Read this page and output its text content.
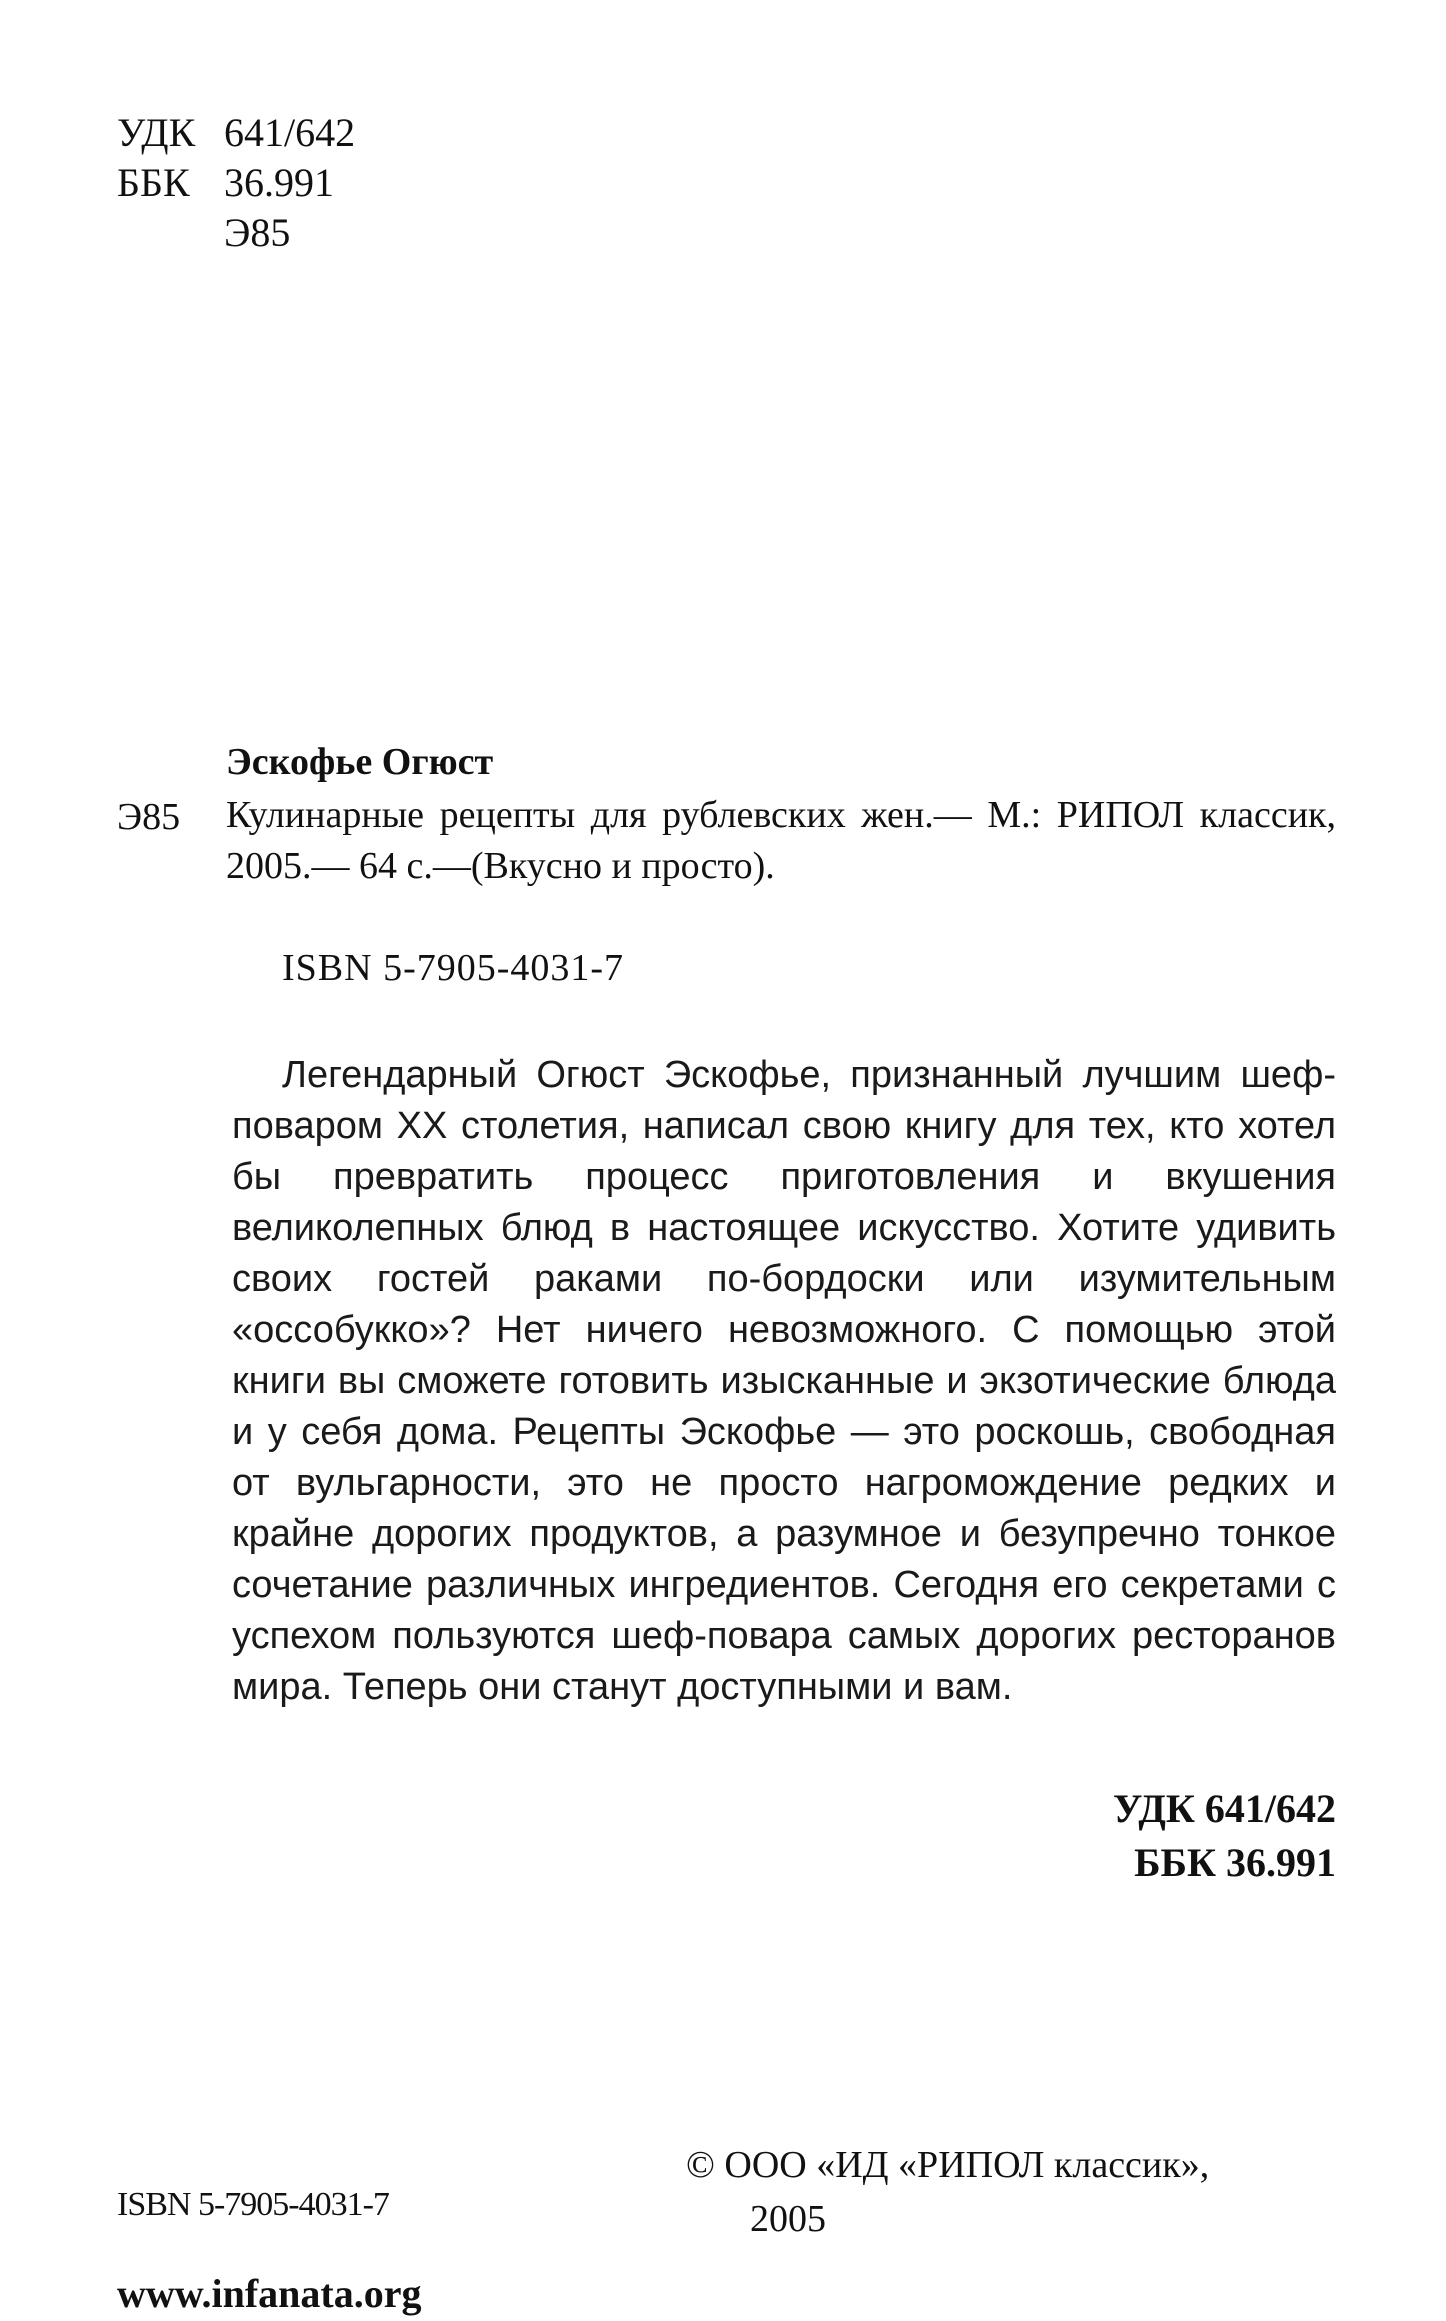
УДК 641/642
ББК 36.991
Э85
Эскофье Огюст
Э85 Кулинарные рецепты для рублевских жен.— М.: РИПОЛ классик, 2005.— 64 с.—(Вкусно и просто).
ISBN 5-7905-4031-7
Легендарный Огюст Эскофье, признанный лучшим шеф-поваром XX столетия, написал свою книгу для тех, кто хотел бы превратить процесс приготовления и вкушения великолепных блюд в настоящее искусство. Хотите удивить своих гостей раками по-бордоски или изумительным «оссобукко»? Нет ничего невозможного. С помощью этой книги вы сможете готовить изысканные и экзотические блюда и у себя дома. Рецепты Эскофье — это роскошь, свободная от вульгарности, это не просто нагромождение редких и крайне дорогих продуктов, а разумное и безупречно тонкое сочетание различных ингредиентов. Сегодня его секретами с успехом пользуются шеф-повара самых дорогих ресторанов мира. Теперь они станут доступными и вам.
УДК 641/642
ББК 36.991
© ООО «ИД «РИПОЛ классик»,
2005
ISBN 5-7905-4031-7
www.infanata.org
